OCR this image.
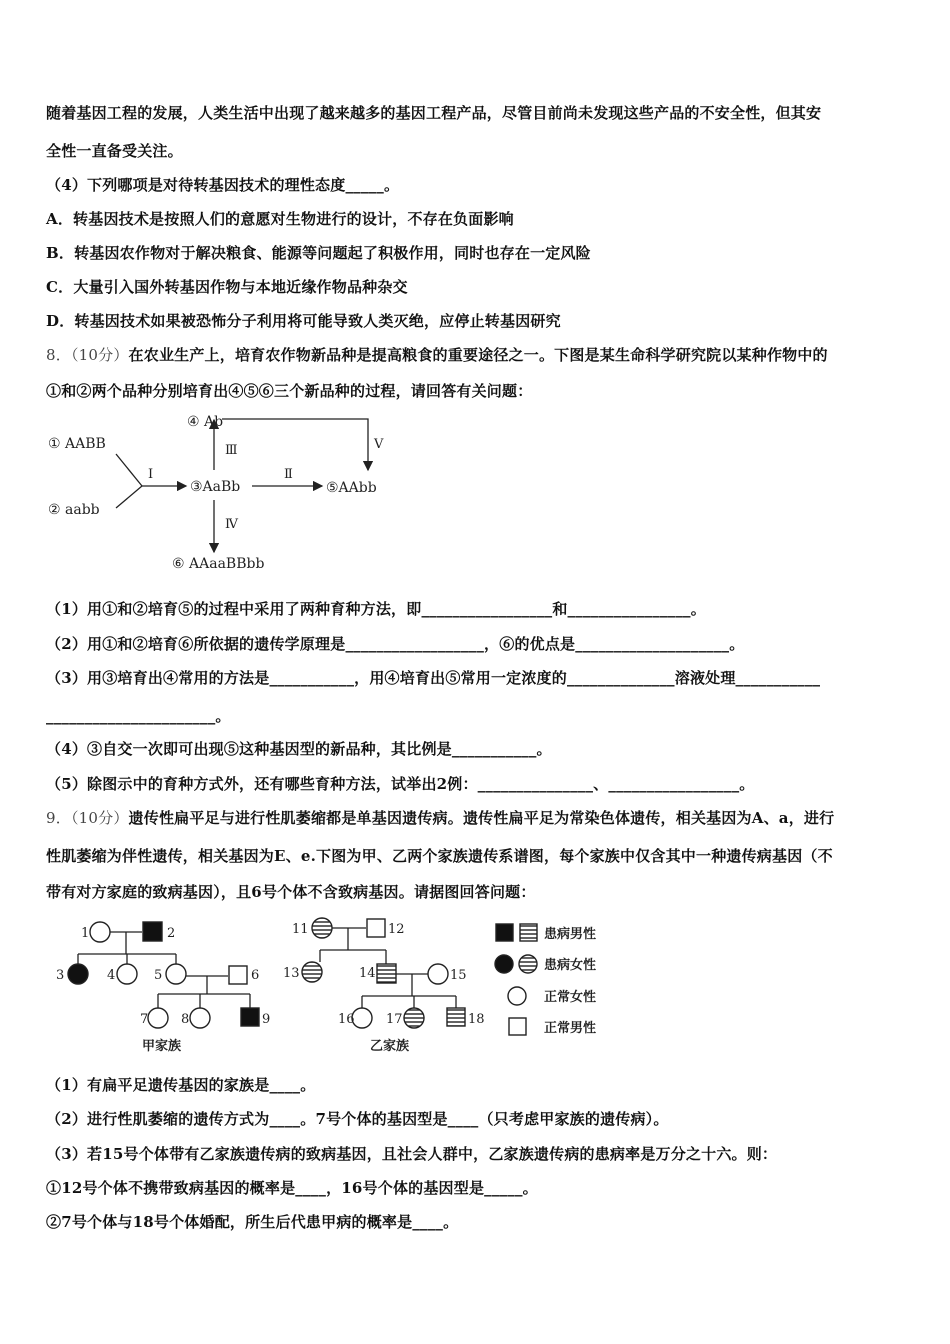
随着基因工程的发展，人类生活中出现了越来越多的基因工程产品，尽管目前尚未发现这些产品的不安全性，但其安
全性一直备受关注。
（4）下列哪项是对待转基因技术的理性态度_____。
A．转基因技术是按照人们的意愿对生物进行的设计，不存在负面影响
B．转基因农作物对于解决粮食、能源等问题起了积极作用，同时也存在一定风险
C．大量引入国外转基因作物与本地近缘作物品种杂交
D．转基因技术如果被恐怖分子利用将可能导致人类灭绝，应停止转基因研究
8．（10分）在农业生产上，培育农作物新品种是提高粮食的重要途径之一。下图是某生命科学研究院以某种作物中的
①和②两个品种分别培育出④⑤⑥三个新品种的过程，请回答有关问题：
① AABB
② aabb
③AaBb
④ Ab
⑤AAbb
⑥ AAaaBBbb
Ⅰ	Ⅱ
Ⅲ
Ⅳ
Ⅴ
（1）用①和②培育⑤的过程中采用了两种育种方法，即_________________和________________。
（2）用①和②培育⑥所依据的遗传学原理是__________________，⑥的优点是____________________。
（3）用③培育出④常用的方法是___________，用④培育出⑤常用一定浓度的______________溶液处理___________
______________________。
（4）③自交一次即可出现⑤这种基因型的新品种，其比例是___________。
（5）除图示中的育种方式外，还有哪些育种方法，试举出2例：_______________、_________________。
9．（10分）遗传性扁平足与进行性肌萎缩都是单基因遗传病。遗传性扁平足为常染色体遗传，相关基因为A、a，进行
性肌萎缩为伴性遗传，相关基因为E、e.下图为甲、乙两个家族遗传系谱图，每个家族中仅含其中一种遗传病基因（不
带有对方家庭的致病基因），且6号个体不含致病基因。请据图回答问题：
1	2
3	4	5	6
7	8	9
11	12
13	14	15
16 17	18
甲家族	乙家族
患病男性
患病女性
正常女性
正常男性
（1）有扁平足遗传基因的家族是____。
（2）进行性肌萎缩的遗传方式为____。7号个体的基因型是____（只考虑甲家族的遗传病）。
（3）若15号个体带有乙家族遗传病的致病基因，且社会人群中，乙家族遗传病的患病率是万分之十六。则：
①12号个体不携带致病基因的概率是____，16号个体的基因型是_____。
②7号个体与18号个体婚配，所生后代患甲病的概率是____。
